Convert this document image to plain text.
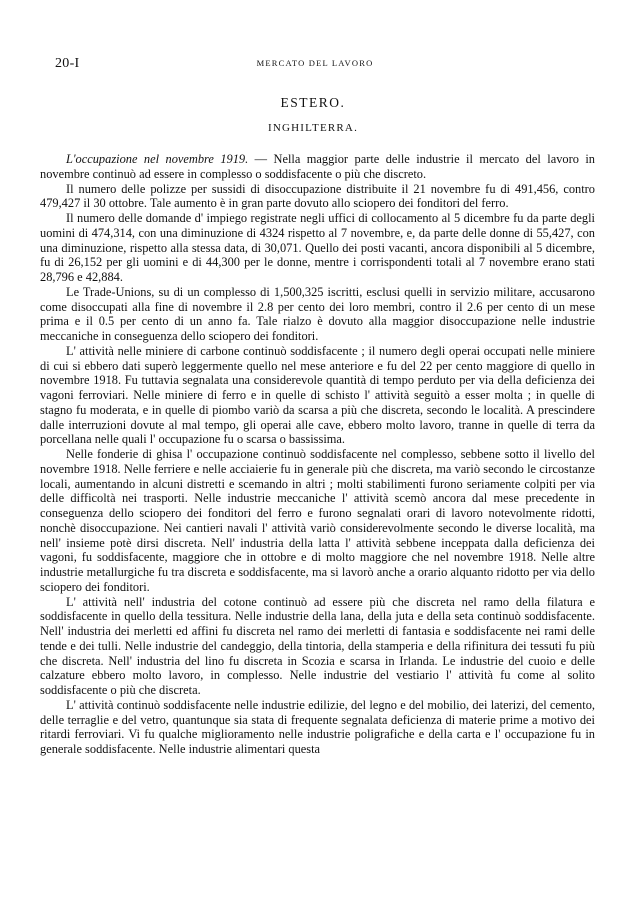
20-I	MERCATO DEL LAVORO
ESTERO.
INGHILTERRA.

L'occupazione nel novembre 1919. — Nella maggior parte delle industrie il mercato del lavoro in novembre continuò ad essere in complesso o soddisfacente o più che discreto.

Il numero delle polizze per sussidi di disoccupazione distribuite il 21 novembre fu di 491,456, contro 479,427 il 30 ottobre. Tale aumento è in gran parte dovuto allo sciopero dei fonditori del ferro.

Il numero delle domande d' impiego registrate negli uffici di collocamento al 5 dicembre fu da parte degli uomini di 474,314, con una diminuzione di 4324 rispetto al 7 novembre, e, da parte delle donne di 55,427, con una diminuzione, rispetto alla stessa data, di 30,071. Quello dei posti vacanti, ancora disponibili al 5 dicembre, fu di 26,152 per gli uomini e di 44,300 per le donne, mentre i corrispondenti totali al 7 novembre erano stati 28,796 e 42,884.

Le Trade-Unions, su di un complesso di 1,500,325 iscritti, esclusi quelli in servizio militare, accusarono come disoccupati alla fine di novembre il 2.8 per cento dei loro membri, contro il 2.6 per cento di un mese prima e il 0.5 per cento di un anno fa. Tale rialzo è dovuto alla maggior disoccupazione nelle industrie meccaniche in conseguenza dello sciopero dei fonditori.

L' attività nelle miniere di carbone continuò soddisfacente ; il numero degli operai occupati nelle miniere di cui si ebbero dati superò leggermente quello nel mese anteriore e fu del 22 per cento maggiore di quello in novembre 1918. Fu tuttavia segnalata una considerevole quantità di tempo perduto per via della deficienza dei vagoni ferroviari. Nelle miniere di ferro e in quelle di schisto l' attività seguitò a esser molta ; in quelle di stagno fu moderata, e in quelle di piombo variò da scarsa a più che discreta, secondo le località. A prescindere dalle interruzioni dovute al mal tempo, gli operai alle cave, ebbero molto lavoro, tranne in quelle di terra da porcellana nelle quali l' occupazione fu o scarsa o bassissima.

Nelle fonderie di ghisa l' occupazione continuò soddisfacente nel complesso, sebbene sotto il livello del novembre 1918. Nelle ferriere e nelle acciaierie fu in generale più che discreta, ma variò secondo le circostanze locali, aumentando in alcuni distretti e scemando in altri ; molti stabilimenti furono seriamente colpiti per via delle difficoltà nei trasporti. Nelle industrie meccaniche l' attività scemò ancora dal mese precedente in conseguenza dello sciopero dei fonditori del ferro e furono segnalati orari di lavoro notevolmente ridotti, nonchè disoccupazione. Nei cantieri navali l' attività variò considerevolmente secondo le diverse località, ma nell' insieme potè dirsi discreta. Nell' industria della latta l' attività sebbene inceppata dalla deficienza dei vagoni, fu soddisfacente, maggiore che in ottobre e di molto maggiore che nel novembre 1918. Nelle altre industrie metallurgiche fu tra discreta e soddisfacente, ma si lavorò anche a orario alquanto ridotto per via dello sciopero dei fonditori.

L' attività nell' industria del cotone continuò ad essere più che discreta nel ramo della filatura e soddisfacente in quello della tessitura. Nelle industrie della lana, della juta e della seta continuò soddisfacente. Nell' industria dei merletti ed affini fu discreta nel ramo dei merletti di fantasia e soddisfacente nei rami delle tende e dei tulli. Nelle industrie del candeggio, della tintoria, della stamperia e della rifinitura dei tessuti fu più che discreta. Nell' industria del lino fu discreta in Scozia e scarsa in Irlanda. Le industrie del cuoio e delle calzature ebbero molto lavoro, in complesso. Nelle industrie del vestiario l' attività fu come al solito soddisfacente o più che discreta.

L' attività continuò soddisfacente nelle industrie edilizie, del legno e del mobilio, dei laterizi, del cemento, delle terraglie e del vetro, quantunque sia stata di frequente segnalata deficienza di materie prime a motivo dei ritardi ferroviari. Vi fu qualche miglioramento nelle industrie poligrafiche e della carta e l' occupazione fu in generale soddisfacente. Nelle industrie alimentari questa
